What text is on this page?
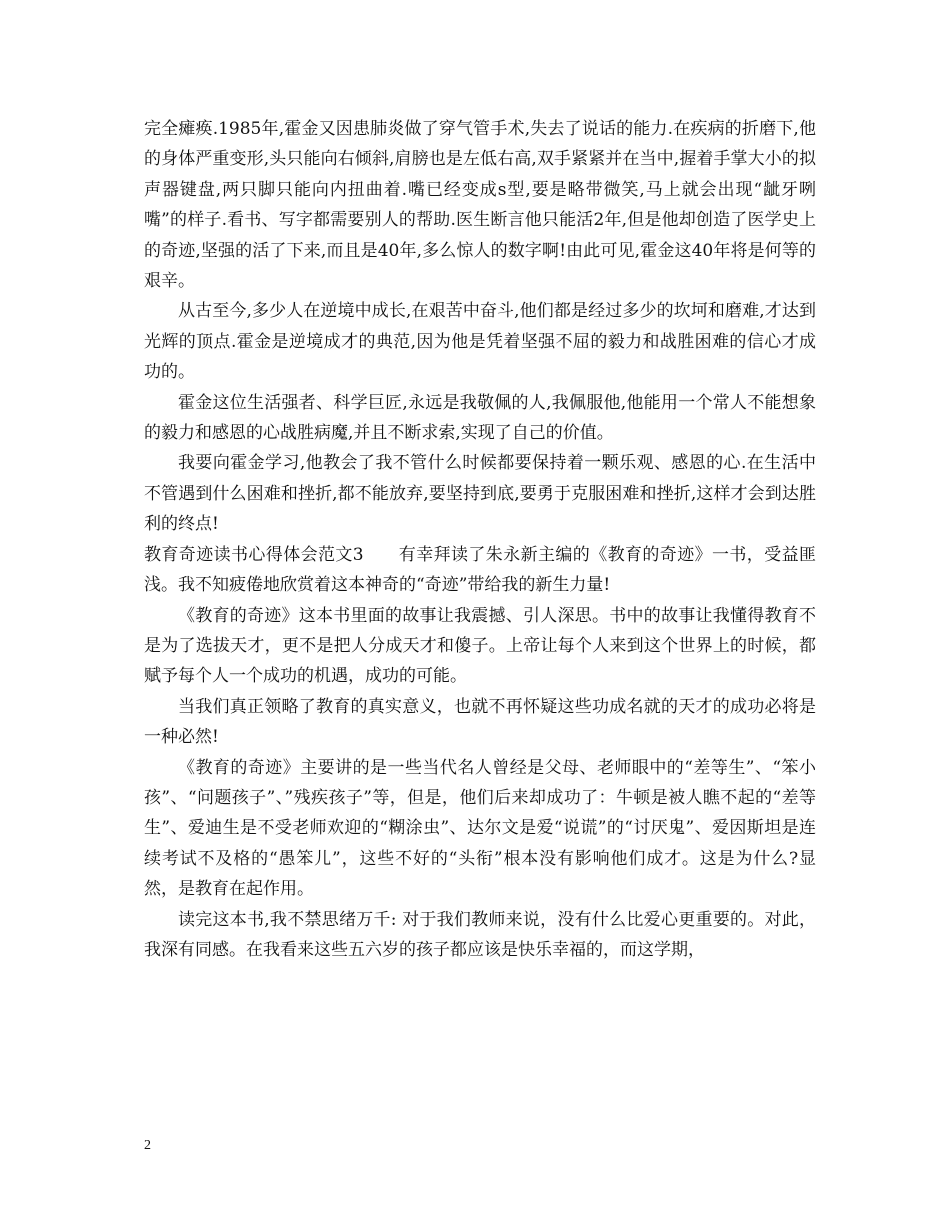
完全瘫痪.1985年,霍金又因患肺炎做了穿气管手术,失去了说话的能力.在疾病的折磨下,他的身体严重变形,头只能向右倾斜,肩膀也是左低右高,双手紧紧并在当中,握着手掌大小的拟声器键盘,两只脚只能向内扭曲着.嘴已经变成s型,要是略带微笑,马上就会出现“龇牙咧嘴”的样子.看书、写字都需要别人的帮助.医生断言他只能活2年,但是他却创造了医学史上的奇迹,坚强的活了下来,而且是40年,多么惊人的数字啊!由此可见,霍金这40年将是何等的艰辛。

从古至今,多少人在逆境中成长,在艰苦中奋斗,他们都是经过多少的坎坷和磨难,才达到光辉的顶点.霍金是逆境成才的典范,因为他是凭着坚强不屈的毅力和战胜困难的信心才成功的。

霍金这位生活强者、科学巨匠,永远是我敬佩的人,我佩服他,他能用一个常人不能想象的毅力和感恩的心战胜病魔,并且不断求索,实现了自己的价值。

我要向霍金学习,他教会了我不管什么时候都要保持着一颗乐观、感恩的心.在生活中不管遇到什么困难和挫折,都不能放弃,要坚持到底,要勇于克服困难和挫折,这样才会到达胜利的终点!

教育奇迹读书心得体会范文3　　有幸拜读了朱永新主编的《教育的奇迹》一书，受益匪浅。我不知疲倦地欣赏着这本神奇的“奇迹”带给我的新生力量!

《教育的奇迹》这本书里面的故事让我震撼、引人深思。书中的故事让我懂得教育不是为了选拔天才，更不是把人分成天才和傻子。上帝让每个人来到这个世界上的时候，都赋予每个人一个成功的机遇，成功的可能。

当我们真正领略了教育的真实意义，也就不再怀疑这些功成名就的天才的成功必将是一种必然!

《教育的奇迹》主要讲的是一些当代名人曾经是父母、老师眼中的“差等生”、“笨小孩”、“问题孩子”、”残疾孩子”等，但是，他们后来却成功了：牛顿是被人瞧不起的“差等生”、爱迪生是不受老师欢迎的“糊涂虫”、达尔文是爱“说谎”的“讨厌鬼”、爱因斯坦是连续考试不及格的“愚笨儿”，这些不好的“头衔”根本没有影响他们成才。这是为什么?显然，是教育在起作用。

读完这本书,我不禁思绪万千: 对于我们教师来说，没有什么比爱心更重要的。对此，我深有同感。在我看来这些五六岁的孩子都应该是快乐幸福的，而这学期，

2
